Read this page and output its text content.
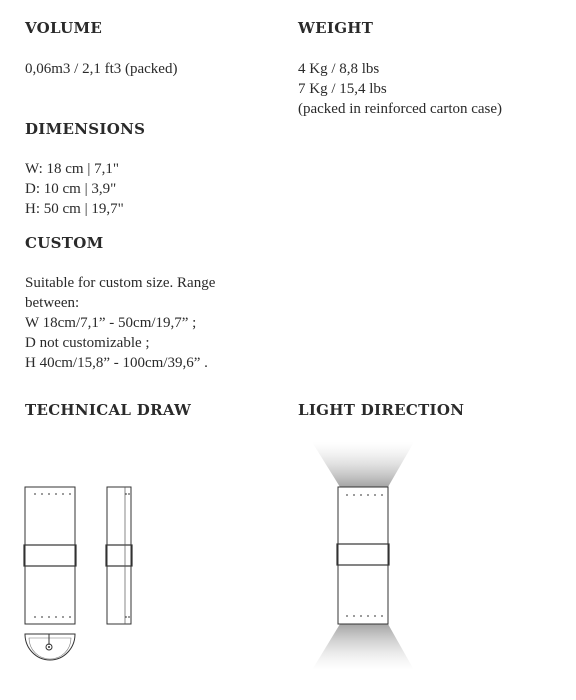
VOLUME
0,06m3 / 2,1 ft3 (packed)
WEIGHT
4 Kg / 8,8 lbs
7 Kg / 15,4 lbs
(packed in reinforced carton case)
DIMENSIONS
W: 18 cm | 7,1"
D: 10 cm | 3,9"
H: 50 cm | 19,7"
CUSTOM
Suitable for custom size. Range
between:
W 18cm/7,1” - 50cm/19,7” ;
D not customizable ;
H 40cm/15,8” - 100cm/39,6” .
TECHNICAL DRAW	LIGHT DIRECTION
